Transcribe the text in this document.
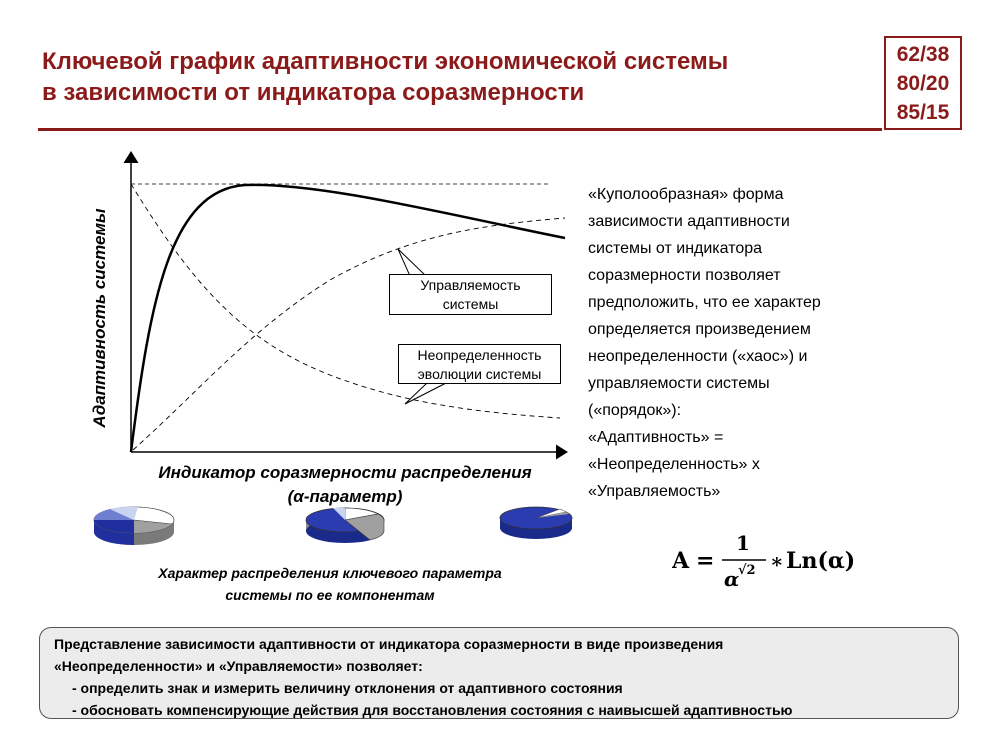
Ключевой график адаптивности экономической системы
в зависимости от индикатора соразмерности
62/38
80/20
85/15
Адаптивность системы
Индикатор соразмерности распределения
(α-параметр)
Управляемость
системы
Неопределенность
эволюции системы
«Куполообразная» форма
зависимости адаптивности
системы от индикатора
соразмерности позволяет
предположить, что ее характер
определяется произведением
неопределенности («хаос») и
управляемости системы
(«порядок»):
«Адаптивность» =
«Неопределенность» х
«Управляемость»
A =
1
α
√2 ∗ Ln(α)
Характер распределения ключевого параметра
системы по ее компонентам
Представление зависимости адаптивности от индикатора соразмерности в виде произведения
«Неопределенности» и «Управляемости» позволяет:
- определить знак и измерить величину отклонения от адаптивного состояния
- обосновать компенсирующие действия для восстановления состояния с наивысшей адаптивностью
